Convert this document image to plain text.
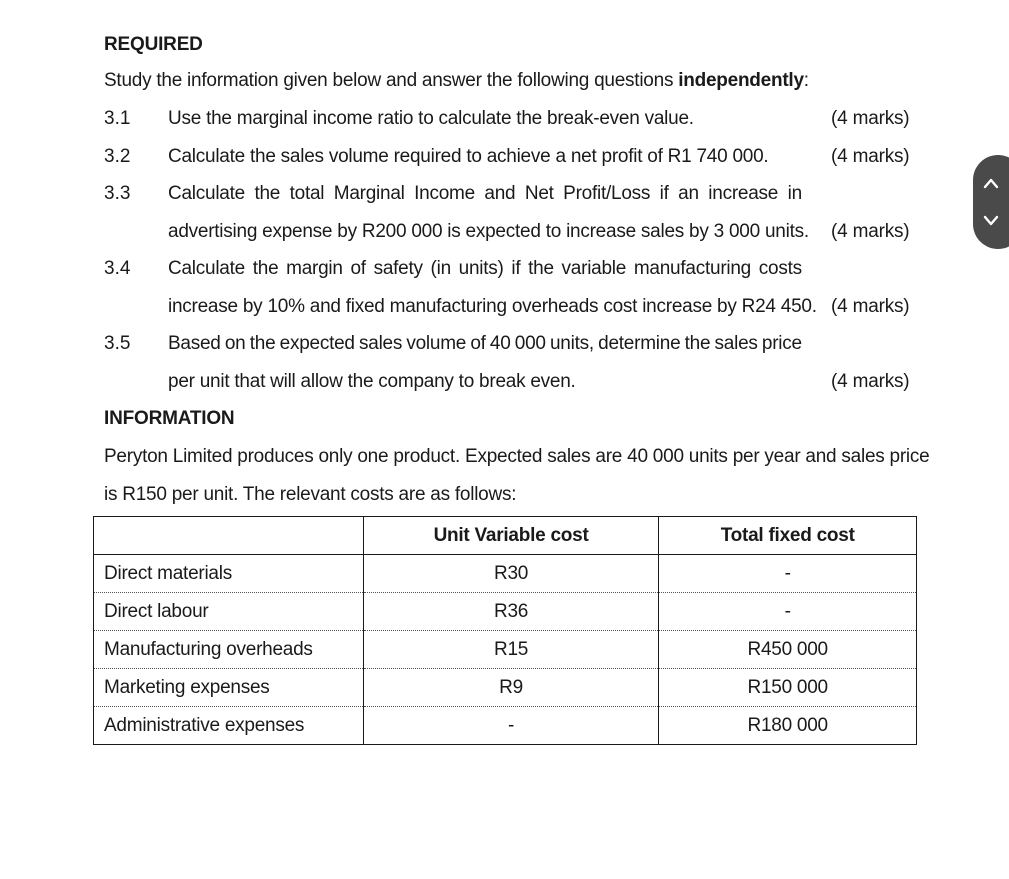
REQUIRED
Study the information given below and answer the following questions independently:
3.1 Use the marginal income ratio to calculate the break-even value.	(4 marks)
3.2 Calculate the sales volume required to achieve a net profit of R1 740 000.	(4 marks)
3.3 Calculate the total Marginal Income and Net Profit/Loss if an increase in
advertising expense by R200 000 is expected to increase sales by 3 000 units. (4 marks)
3.4 Calculate the margin of safety (in units) if the variable manufacturing costs
increase by 10% and fixed manufacturing overheads cost increase by R24 450. (4 marks)
3.5 Based on the expected sales volume of 40 000 units, determine the sales price
per unit that will allow the company to break even.	(4 marks)
INFORMATION
Peryton Limited produces only one product. Expected sales are 40 000 units per year and sales price
is R150 per unit. The relevant costs are as follows:
	Unit Variable cost	Total fixed cost
Direct materials	R30	-
Direct labour	R36	-
Manufacturing overheads	R15	R450 000
Marketing expenses	R9	R150 000
Administrative expenses	-	R180 000
